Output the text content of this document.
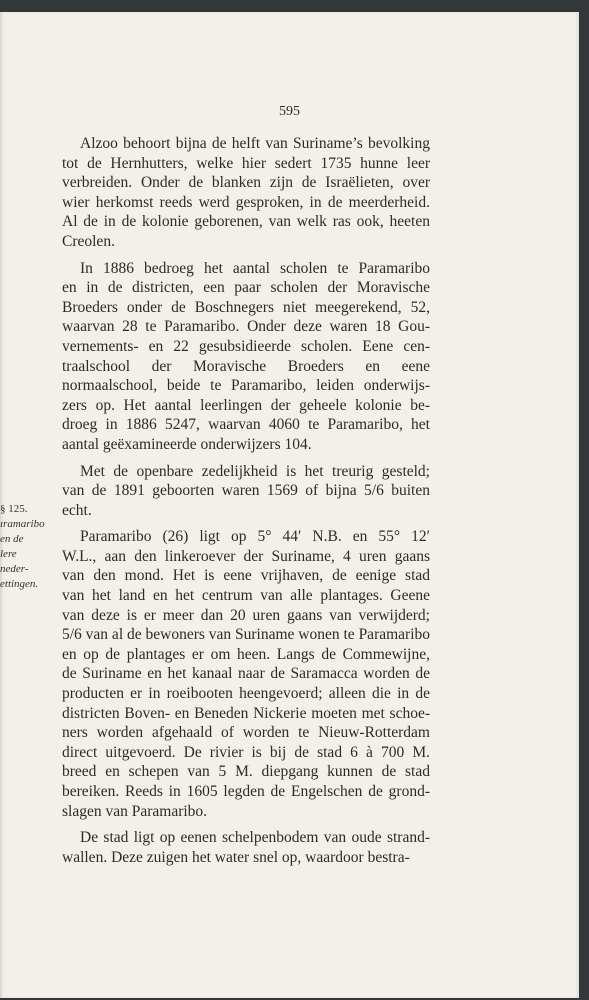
595
§ 125.
ıramaribo
en de
lere neder-
ettingen.

Alzoo behoort bijna de helft van Suriname’s bevolking
tot de Hernhutters, welke hier sedert 1735 hunne leer
verbreiden. Onder de blanken zijn de Israëlieten, over
wier herkomst reeds werd gesproken, in de meerderheid.
Al de in de kolonie geborenen, van welk ras ook, heeten
Creolen.

In 1886 bedroeg het aantal scholen te Paramaribo
en in de districten, een paar scholen der Moravische
Broeders onder de Boschnegers niet meegerekend, 52,
waarvan 28 te Paramaribo. Onder deze waren 18 Gou-
vernements- en 22 gesubsidieerde scholen. Eene cen-
traalschool der Moravische Broeders en eene
normaalschool, beide te Paramaribo, leiden onderwijs-
zers op. Het aantal leerlingen der geheele kolonie be-
droeg in 1886 5247, waarvan 4060 te Paramaribo, het
aantal geëxamineerde onderwijzers 104.

Met de openbare zedelijkheid is het treurig gesteld;
van de 1891 geboorten waren 1569 of bijna 5/6 buiten echt.

Paramaribo (26) ligt op 5° 44′ N.B. en 55° 12′
W.L., aan den linkeroever der Suriname, 4 uren gaans
van den mond. Het is eene vrijhaven, de eenige stad
van het land en het centrum van alle plantages. Geene
van deze is er meer dan 20 uren gaans van verwijderd;
5/6 van al de bewoners van Suriname wonen te Paramaribo
en op de plantages er om heen. Langs de Commewijne,
de Suriname en het kanaal naar de Saramacca worden de
producten er in roeibooten heengevoerd; alleen die in de
districten Boven- en Beneden Nickerie moeten met schoe-
ners worden afgehaald of worden te Nieuw-Rotterdam
direct uitgevoerd. De rivier is bij de stad 6 à 700 M.
breed en schepen van 5 M. diepgang kunnen de stad
bereiken. Reeds in 1605 legden de Engelschen de grond-
slagen van Paramaribo.

De stad ligt op eenen schelpenbodem van oude strand-
wallen. Deze zuigen het water snel op, waardoor bestra-
